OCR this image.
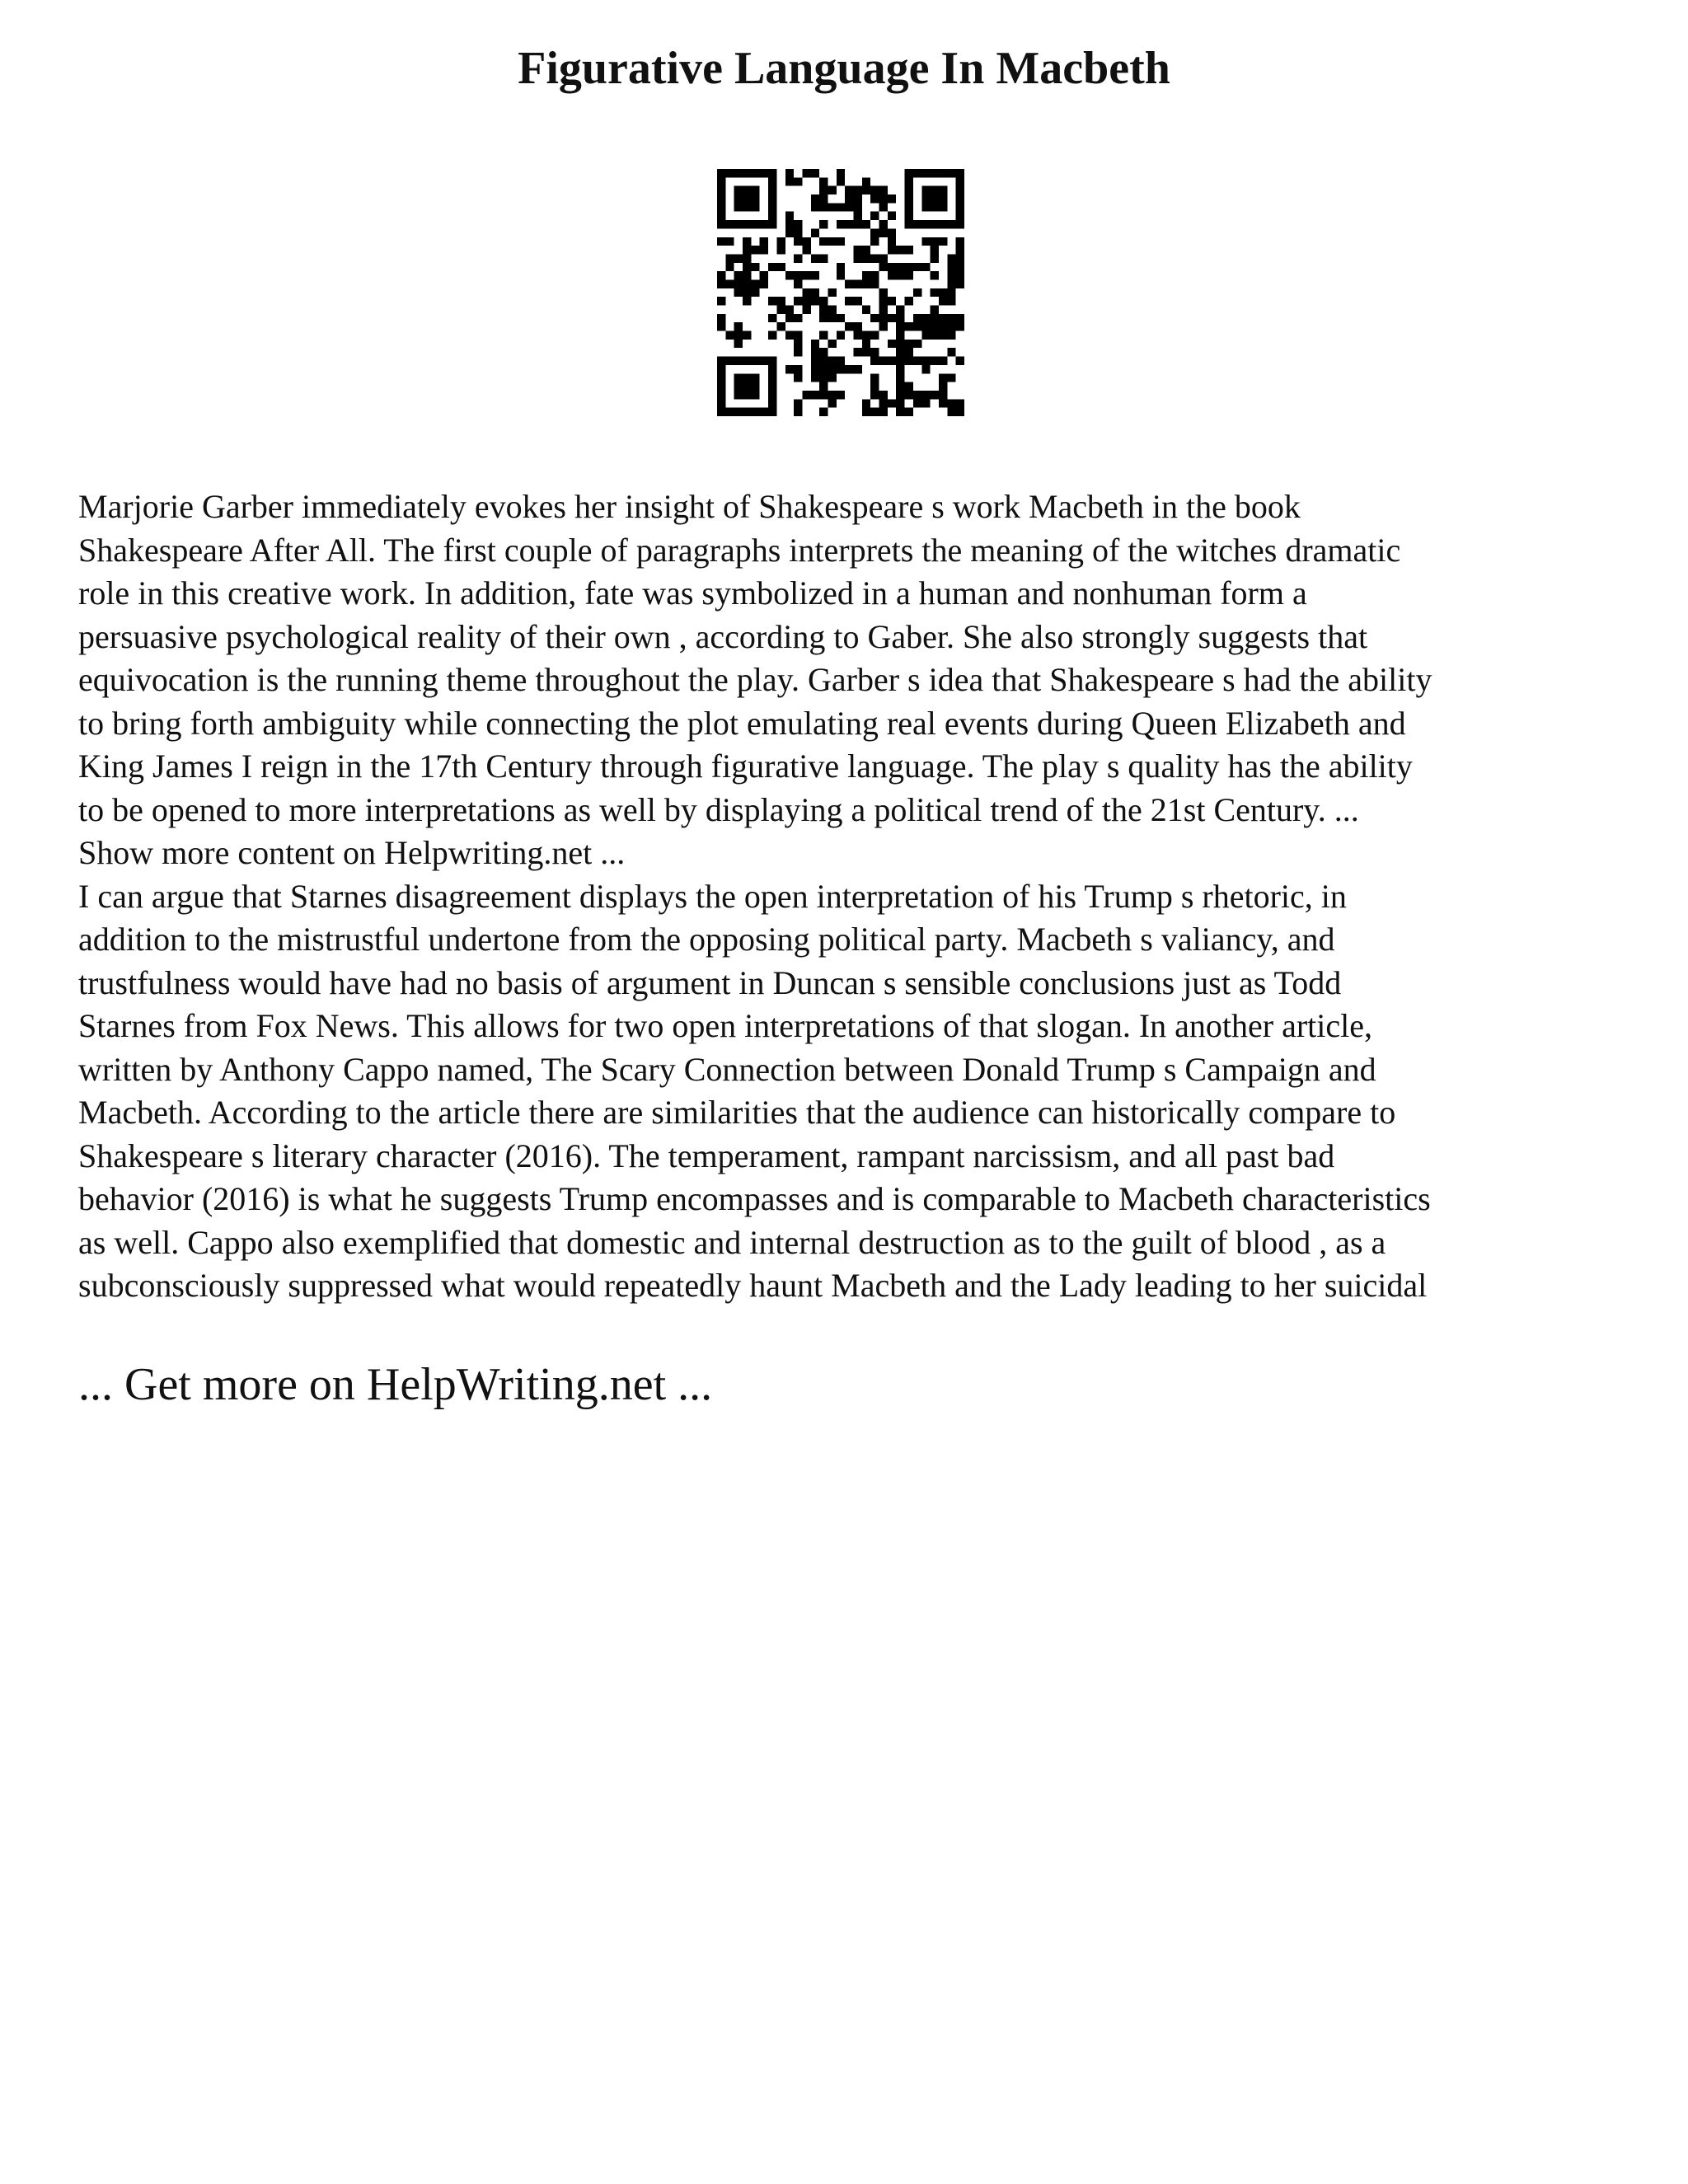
Figurative Language In Macbeth
Marjorie Garber immediately evokes her insight of Shakespeare s work Macbeth in the book
Shakespeare After All. The first couple of paragraphs interprets the meaning of the witches dramatic
role in this creative work. In addition, fate was symbolized in a human and nonhuman form a
persuasive psychological reality of their own , according to Gaber. She also strongly suggests that
equivocation is the running theme throughout the play. Garber s idea that Shakespeare s had the ability
to bring forth ambiguity while connecting the plot emulating real events during Queen Elizabeth and
King James I reign in the 17th Century through figurative language. The play s quality has the ability
to be opened to more interpretations as well by displaying a political trend of the 21st Century. ...
Show more content on Helpwriting.net ...
I can argue that Starnes disagreement displays the open interpretation of his Trump s rhetoric, in
addition to the mistrustful undertone from the opposing political party. Macbeth s valiancy, and
trustfulness would have had no basis of argument in Duncan s sensible conclusions just as Todd
Starnes from Fox News. This allows for two open interpretations of that slogan. In another article,
written by Anthony Cappo named, The Scary Connection between Donald Trump s Campaign and
Macbeth. According to the article there are similarities that the audience can historically compare to
Shakespeare s literary character (2016). The temperament, rampant narcissism, and all past bad
behavior (2016) is what he suggests Trump encompasses and is comparable to Macbeth characteristics
as well. Cappo also exemplified that domestic and internal destruction as to the guilt of blood , as a
subconsciously suppressed what would repeatedly haunt Macbeth and the Lady leading to her suicidal

... Get more on HelpWriting.net ...
